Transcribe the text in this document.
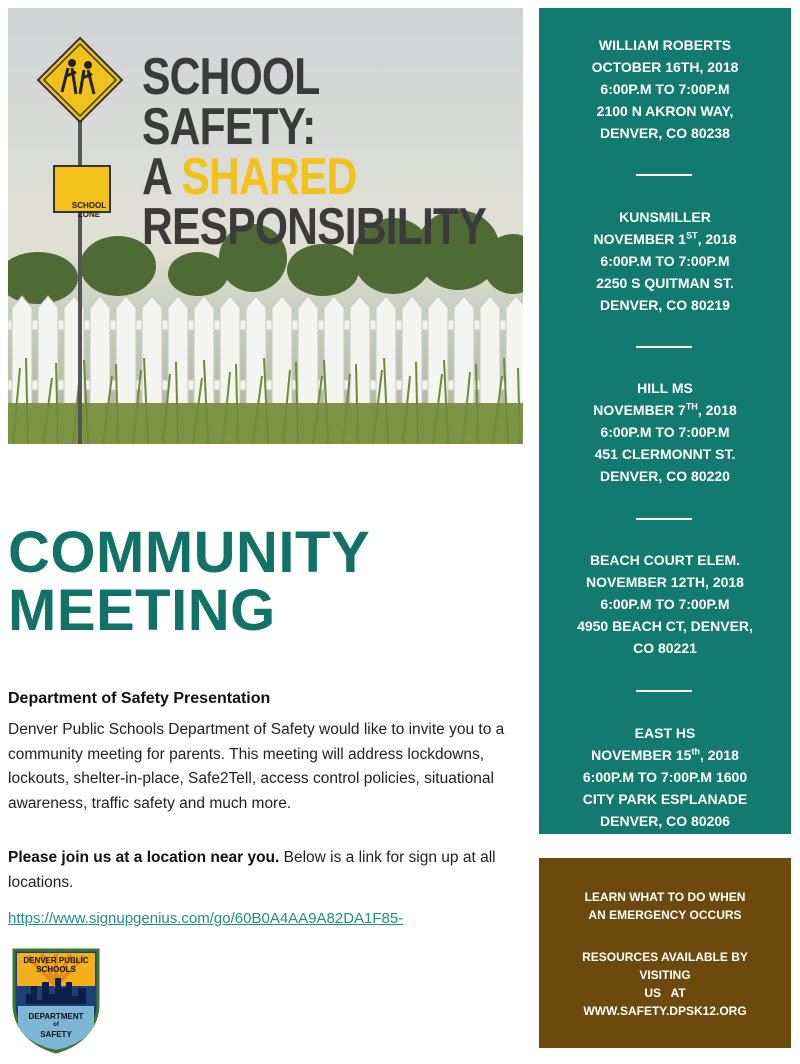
SCHOOL ZONE
SCHOOL SAFETY:
A SHARED
RESPONSIBILITY
COMMUNITY
MEETING
Department of Safety Presentation

Denver Public Schools Department of Safety would like to invite you to a community meeting for parents. This meeting will address lockdowns, lockouts, shelter-in-place, Safe2Tell, access control policies, situational awareness, traffic safety and much more.

Please join us at a location near you. Below is a link for sign up at all locations.

https://www.signupgenius.com/go/60B0A4AA9A82DA1F85-
DENVER PUBLIC
SCHOOLS
DEPARTMENT
of
SAFETY
WILLIAM ROBERTS
OCTOBER 16TH, 2018
6:00P.M TO 7:00P.M
2100 N AKRON WAY,
DENVER, CO 80238
KUNSMILLER
NOVEMBER 1ST, 2018
6:00P.M TO 7:00P.M
2250 S QUITMAN ST.
DENVER, CO 80219
HILL MS
NOVEMBER 7TH, 2018
6:00P.M TO 7:00P.M
451 CLERMONNT ST.
DENVER, CO 80220
BEACH COURT ELEM.
NOVEMBER 12TH, 2018
6:00P.M TO 7:00P.M
4950 BEACH CT, DENVER,
CO 80221
EAST HS
NOVEMBER 15th, 2018
6:00P.M TO 7:00P.M 1600
CITY PARK ESPLANADE
DENVER, CO 80206
LEARN WHAT TO DO WHEN
AN EMERGENCY OCCURS
RESOURCES AVAILABLE BY
VISITING
US   AT
WWW.SAFETY.DPSK12.ORG
